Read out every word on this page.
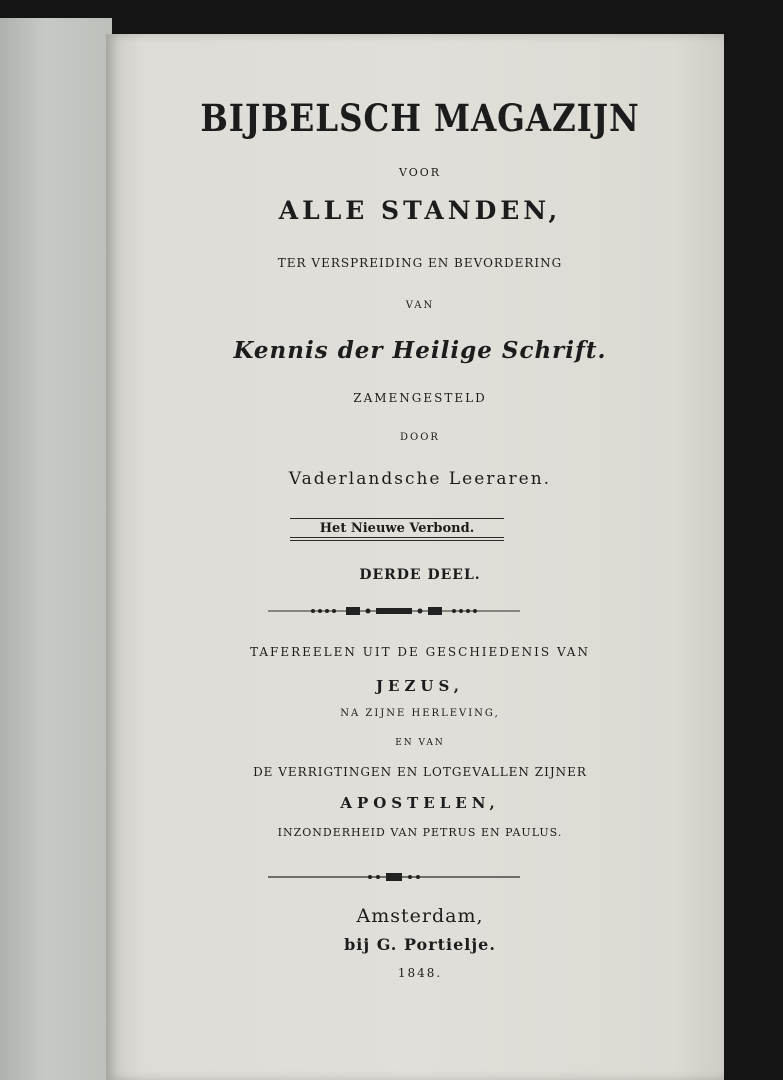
BIJBELSCH MAGAZIJN
VOOR
ALLE STANDEN,
TER VERSPREIDING EN BEVORDERING
VAN
Kennis der Heilige Schrift.
ZAMENGESTELD
DOOR
Vaderlandsche Leeraren.
Het Nieuwe Verbond.
DERDE DEEL.
TAFEREELEN UIT DE GESCHIEDENIS VAN
JEZUS,
NA ZIJNE HERLEVING,
EN VAN
DE VERRIGTINGEN EN LOTGEVALLEN ZIJNER
APOSTELEN,
INZONDERHEID VAN PETRUS EN PAULUS.
Amsterdam,
bij G. Portielje.
1848.
